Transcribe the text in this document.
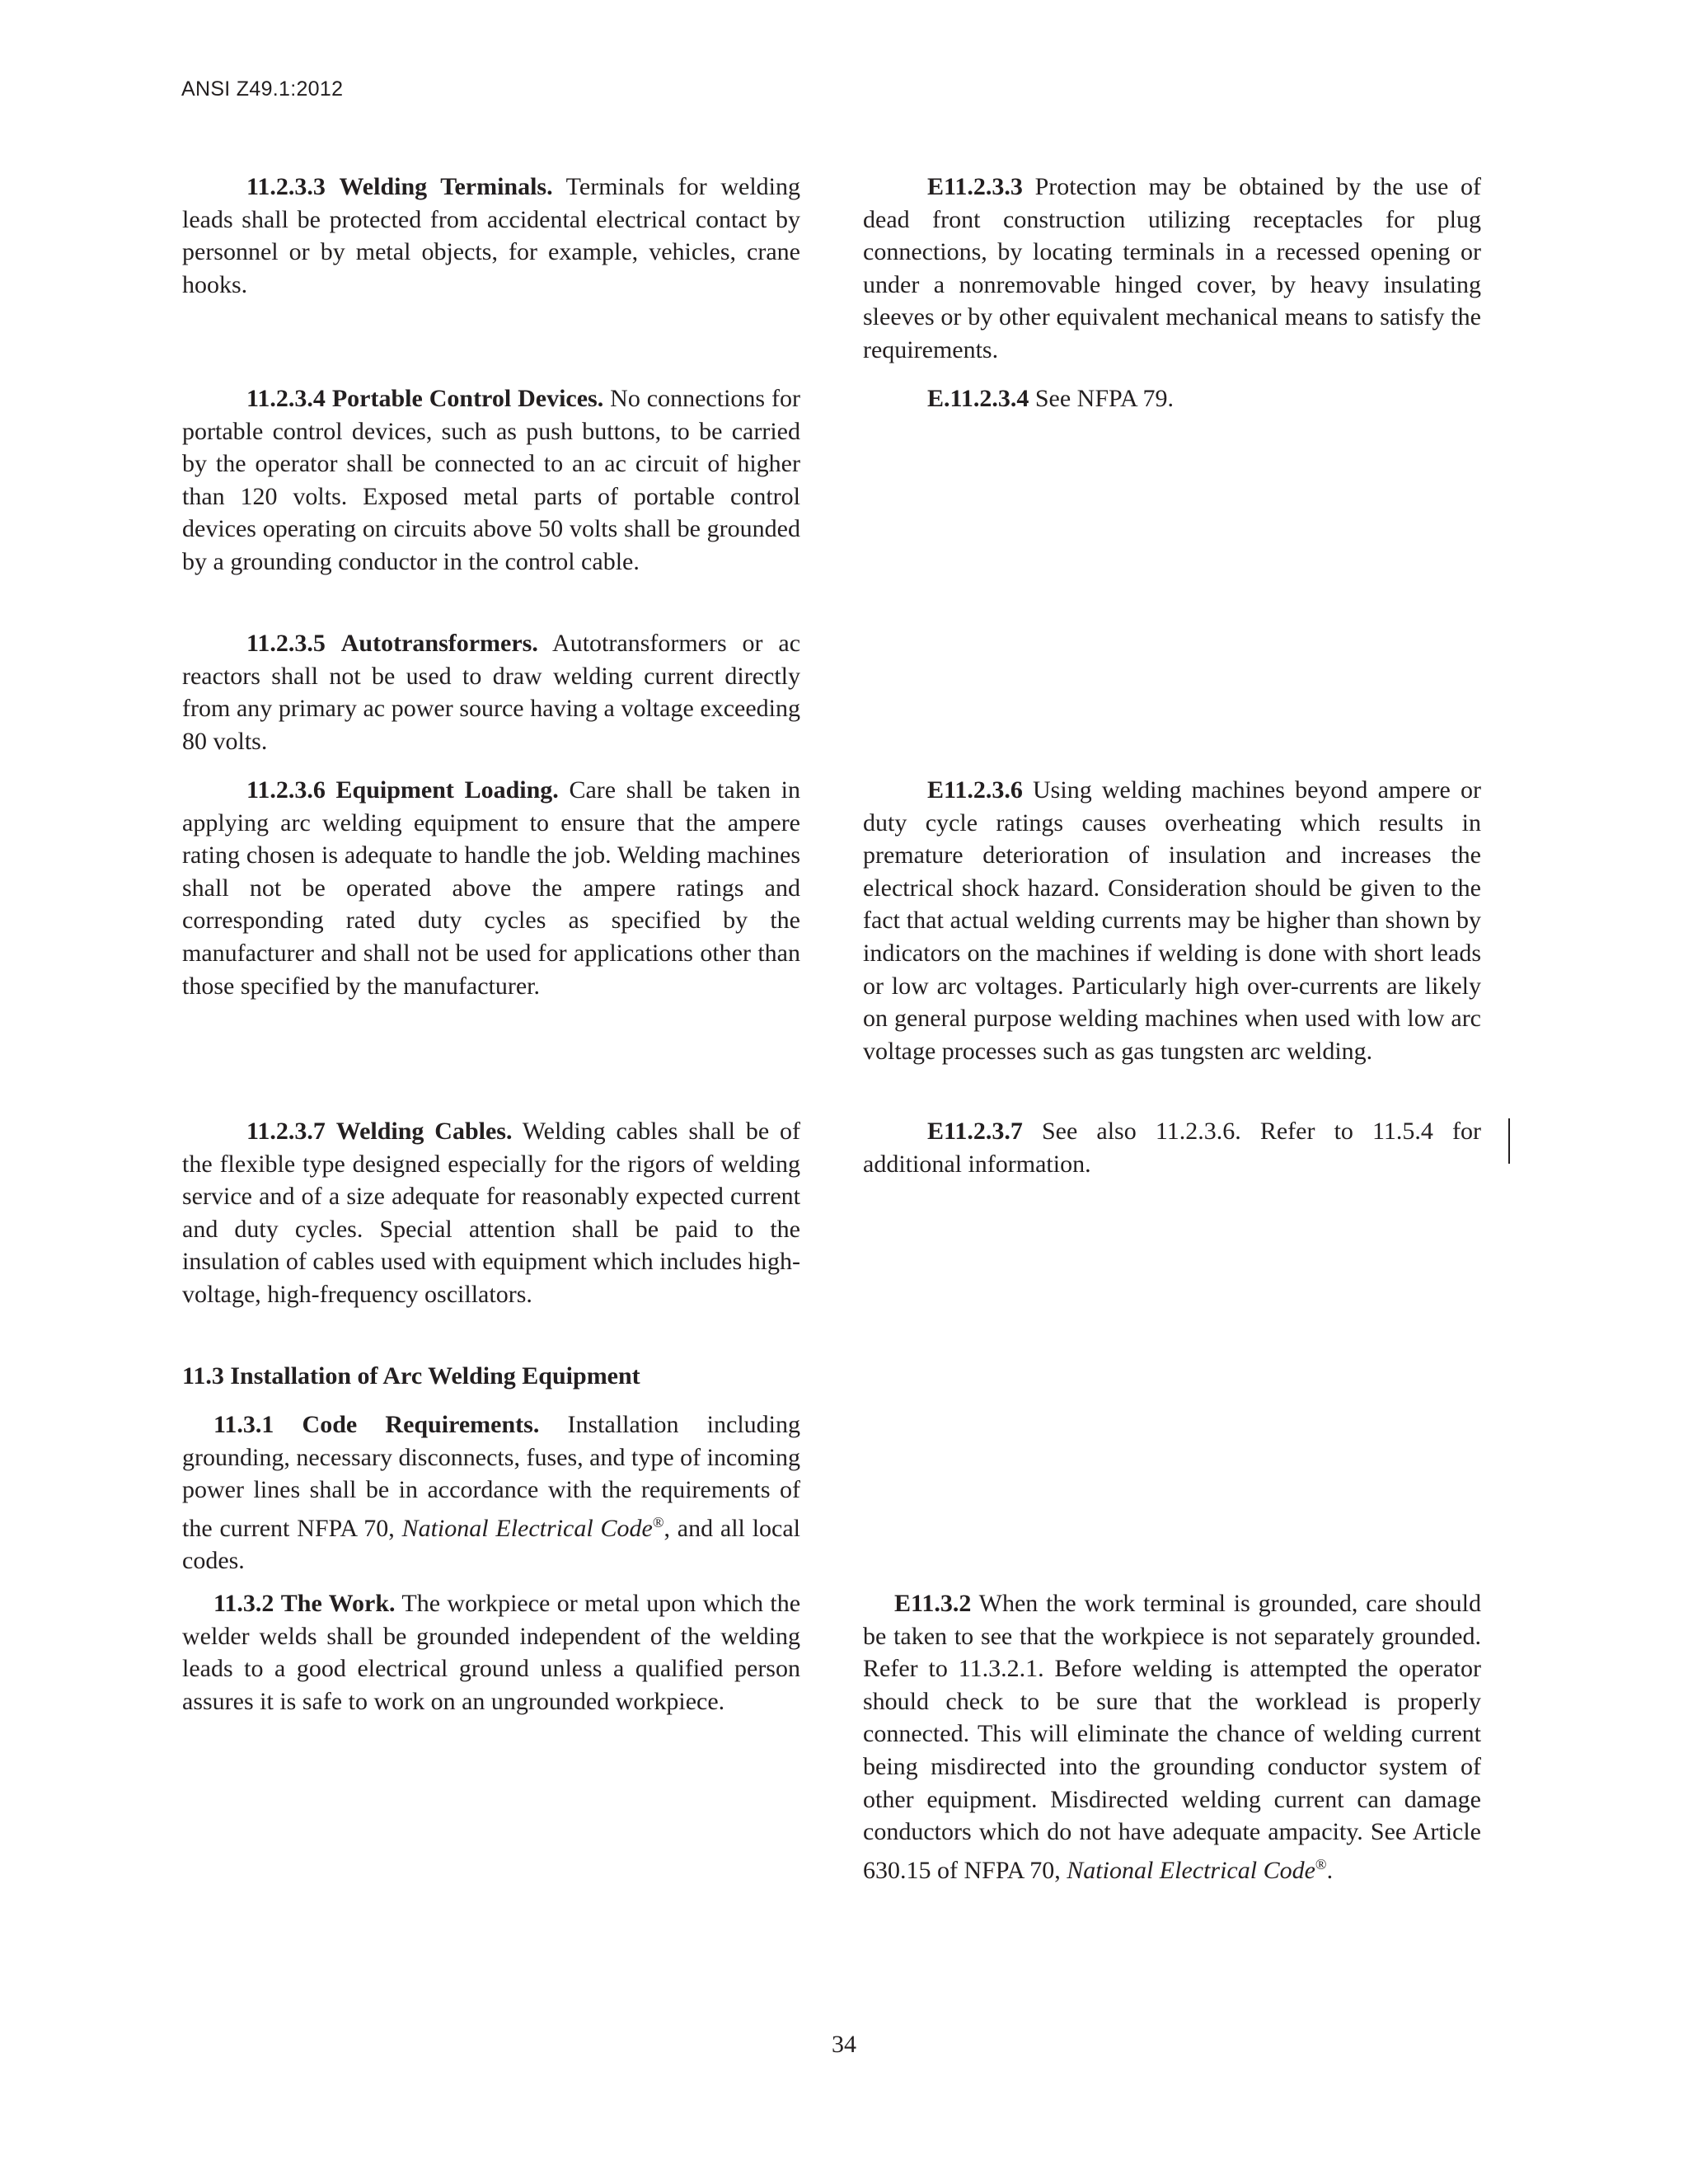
ANSI Z49.1:2012

11.2.3.3 Welding Terminals. Terminals for welding leads shall be protected from accidental electrical contact by personnel or by metal objects, for example, vehicles, crane hooks.

11.2.3.4 Portable Control Devices. No connections for portable control devices, such as push buttons, to be carried by the operator shall be connected to an ac circuit of higher than 120 volts. Exposed metal parts of portable control devices operating on circuits above 50 volts shall be grounded by a grounding conductor in the control cable.

11.2.3.5 Autotransformers. Autotransformers or ac reactors shall not be used to draw welding current directly from any primary ac power source having a voltage exceeding 80 volts.

11.2.3.6 Equipment Loading. Care shall be taken in applying arc welding equipment to ensure that the ampere rating chosen is adequate to handle the job. Welding machines shall not be operated above the ampere ratings and corresponding rated duty cycles as specified by the manufacturer and shall not be used for applications other than those specified by the manufacturer.

11.2.3.7 Welding Cables. Welding cables shall be of the flexible type designed especially for the rigors of welding service and of a size adequate for reasonably expected current and duty cycles. Special attention shall be paid to the insulation of cables used with equipment which includes high-voltage, high-frequency oscillators.

11.3 Installation of Arc Welding Equipment

11.3.1 Code Requirements. Installation including grounding, necessary disconnects, fuses, and type of incoming power lines shall be in accordance with the requirements of the current NFPA 70, National Electrical Code®, and all local codes.

11.3.2 The Work. The workpiece or metal upon which the welder welds shall be grounded independent of the welding leads to a good electrical ground unless a qualified person assures it is safe to work on an ungrounded workpiece.

E11.2.3.3 Protection may be obtained by the use of dead front construction utilizing receptacles for plug connections, by locating terminals in a recessed opening or under a nonremovable hinged cover, by heavy insulating sleeves or by other equivalent mechanical means to satisfy the requirements.

E.11.2.3.4 See NFPA 79.

E11.2.3.6 Using welding machines beyond ampere or duty cycle ratings causes overheating which results in premature deterioration of insulation and increases the electrical shock hazard. Consideration should be given to the fact that actual welding currents may be higher than shown by indicators on the machines if welding is done with short leads or low arc voltages. Particularly high over-currents are likely on general purpose welding machines when used with low arc voltage processes such as gas tungsten arc welding.

E11.2.3.7 See also 11.2.3.6. Refer to 11.5.4 for additional information.

E11.3.2 When the work terminal is grounded, care should be taken to see that the workpiece is not separately grounded. Refer to 11.3.2.1. Before welding is attempted the operator should check to be sure that the worklead is properly connected. This will eliminate the chance of welding current being misdirected into the grounding conductor system of other equipment. Misdirected welding current can damage conductors which do not have adequate ampacity. See Article 630.15 of NFPA 70, National Electrical Code®.

34
